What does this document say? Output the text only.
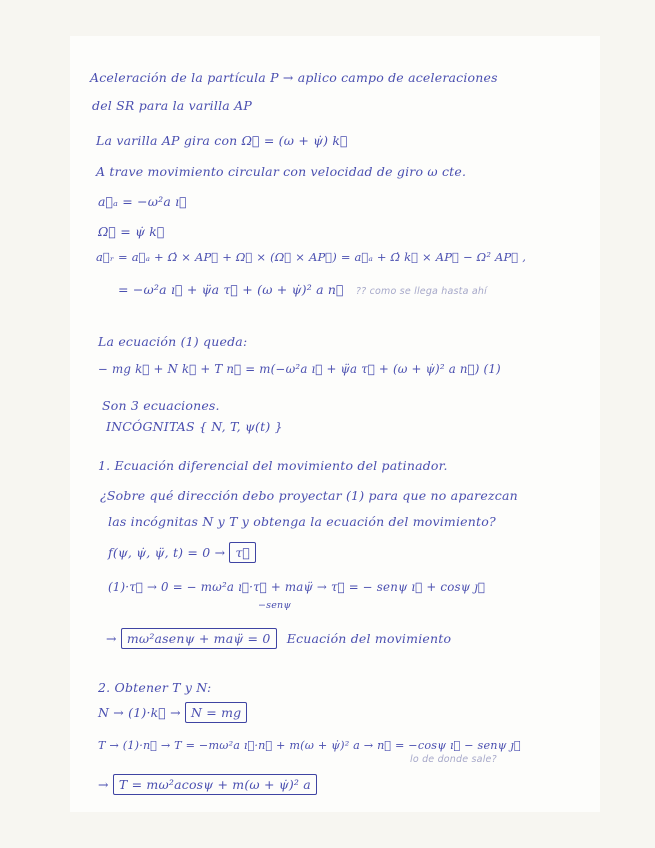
Aceleración de la partícula P → aplico campo de aceleraciones
del SR para la varilla AP
La varilla AP gira con Ω⃗ = (ω + ψ̇) k⃗
A trave movimiento circular con velocidad de giro ω cte.
a⃗ₐ = −ω²a ı⃗
Ω⃗ = ψ̇ k⃗
a⃗ᵣ = a⃗ₐ + Ω̇ × AP⃗ + Ω⃗ × (Ω⃗ × AP⃗) = a⃗ₐ + Ω̇ k⃗ × AP⃗ − Ω² AP⃗ ,
= −ω²a ı⃗ + ψ̈a τ⃗ + (ω + ψ̇)² a n⃗ ?? como se llega hasta ahí
La ecuación (1) queda:
− mg k⃗ + N k⃗ + T n⃗ = m(−ω²a ı⃗ + ψ̈a τ⃗ + (ω + ψ̇)² a n⃗) (1)
Son 3 ecuaciones.
INCÓGNITAS { N, T, ψ(t) }
1. Ecuación diferencial del movimiento del patinador.
¿Sobre qué dirección debo proyectar (1) para que no aparezcan
las incógnitas N y T y obtenga la ecuación del movimiento?
f(ψ, ψ̇, ψ̈, t) = 0 → τ⃗
(1)·τ⃗ → 0 = − mω²a ı⃗·τ⃗ + maψ̈ → τ⃗ = − senψ ı⃗ + cosψ ȷ⃗
−senψ
→ mω²asenψ + maψ̈ = 0 Ecuación del movimiento
2. Obtener T y N:
N → (1)·k⃗ → N = mg
T → (1)·n⃗ → T = −mω²a ı⃗·n⃗ + m(ω + ψ̇)² a → n⃗ = −cosψ ı⃗ − senψ ȷ⃗
lo de donde sale?
→ T = mω²acosψ + m(ω + ψ̇)² a
